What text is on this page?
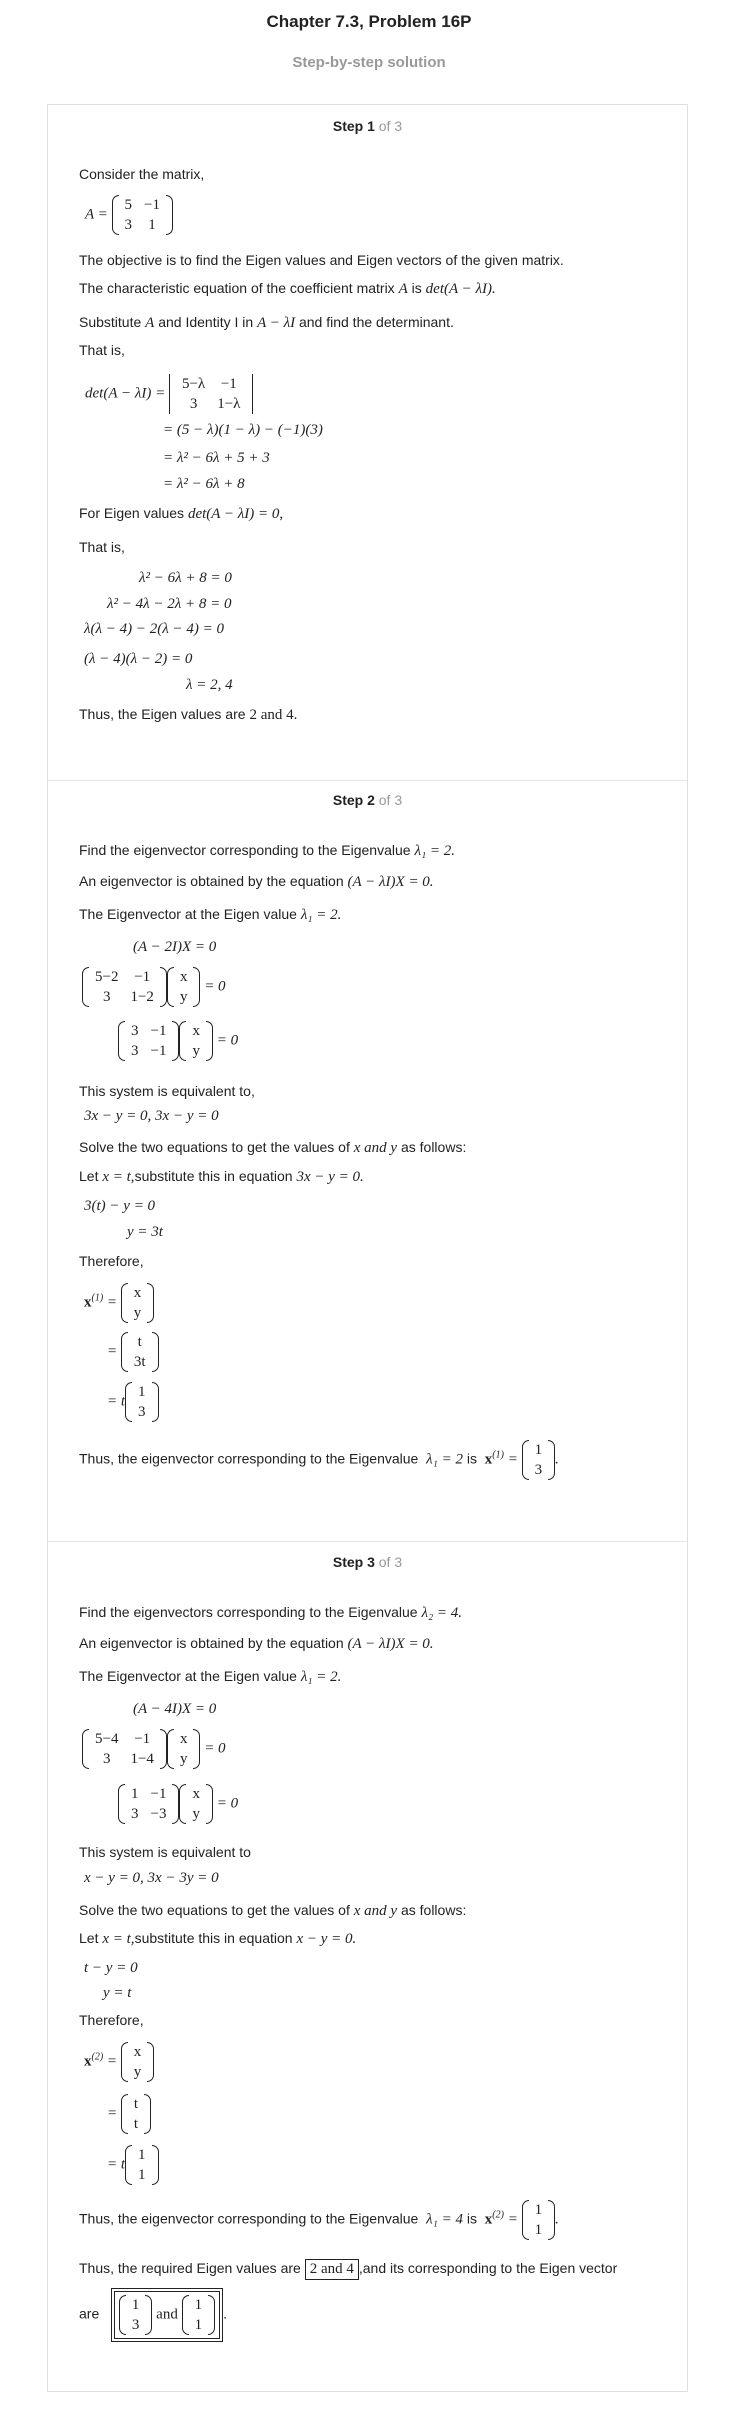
Chapter 7.3, Problem 16P
Step-by-step solution
Step 1 of 3
Consider the matrix,
A =
5	−1
3	1
The objective is to find the Eigen values and Eigen vectors of the given matrix.
The characteristic equation of the coefficient matrix A is det(A − λI).
Substitute A and Identity I in A − λI and find the determinant.
That is,
det(A − λI) =
5−λ	−1
3	1−λ
= (5 − λ)(1 − λ) − (−1)(3)
= λ² − 6λ + 5 + 3
= λ² − 6λ + 8
For Eigen values det(A − λI) = 0,
That is,
λ² − 6λ + 8 = 0
λ² − 4λ − 2λ + 8 = 0
λ(λ − 4) − 2(λ − 4) = 0
(λ − 4)(λ − 2) = 0
λ = 2, 4
Thus, the Eigen values are 2 and 4.
Step 2 of 3
Find the eigenvector corresponding to the Eigenvalue λ₁ = 2.
An eigenvector is obtained by the equation (A − λI)X = 0.
The Eigenvector at the Eigen value λ₁ = 2.
(A − 2I)X = 0
5−2	−1
3	1−2
x
y
= 0
3	−1
3	−1
x
y
= 0
This system is equivalent to,
3x − y = 0, 3x − y = 0
Solve the two equations to get the values of x and y as follows:
Let x = t,substitute this in equation 3x − y = 0.
3(t) − y = 0
y = 3t
Therefore,
$x^{(1)}$ =
x
y
=
t
3t
= t
1
3
Thus, the eigenvector corresponding to the Eigenvalue λ₁ = 2 is $x^{(1)}$ =
1
3
.
Step 3 of 3
Find the eigenvectors corresponding to the Eigenvalue λ₂ = 4.
An eigenvector is obtained by the equation (A − λI)X = 0.
The Eigenvector at the Eigen value λ₁ = 2.
(A − 4I)X = 0
5−4	−1
3	1−4
x
y
= 0
1	−1
3	−3
x
y
= 0
This system is equivalent to
x − y = 0, 3x − 3y = 0
Solve the two equations to get the values of x and y as follows:
Let x = t,substitute this in equation x − y = 0.
t − y = 0
y = t
Therefore,
$x^{(2)}$ =
x
y
=
t
t
= t
1
1
Thus, the eigenvector corresponding to the Eigenvalue λ₁ = 4 is $x^{(2)}$ =
1
1
.
Thus, the required Eigen values are 2 and 4 ,and its corresponding to the Eigen vector
are
1
3
and
1
1
.
